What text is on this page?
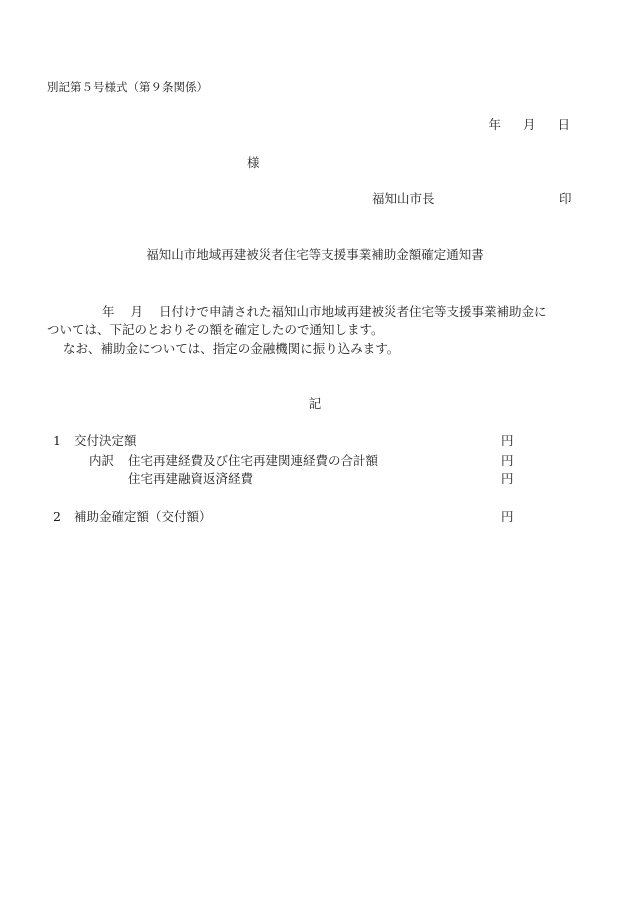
別記第５号様式（第９条関係）
年 月 日
様
福知山市長	印
福知山市地域再建被災者住宅等支援事業補助金額確定通知書
年 月 日付けで申請された福知山市地域再建被災者住宅等支援事業補助金に
ついては、下記のとおりその額を確定したので通知します。
なお、補助金については、指定の金融機関に振り込みます。
記
1 交付決定額	円
内訳 住宅再建経費及び住宅再建関連経費の合計額	円
住宅再建融資返済経費	円
2 補助金確定額（交付額）	円
